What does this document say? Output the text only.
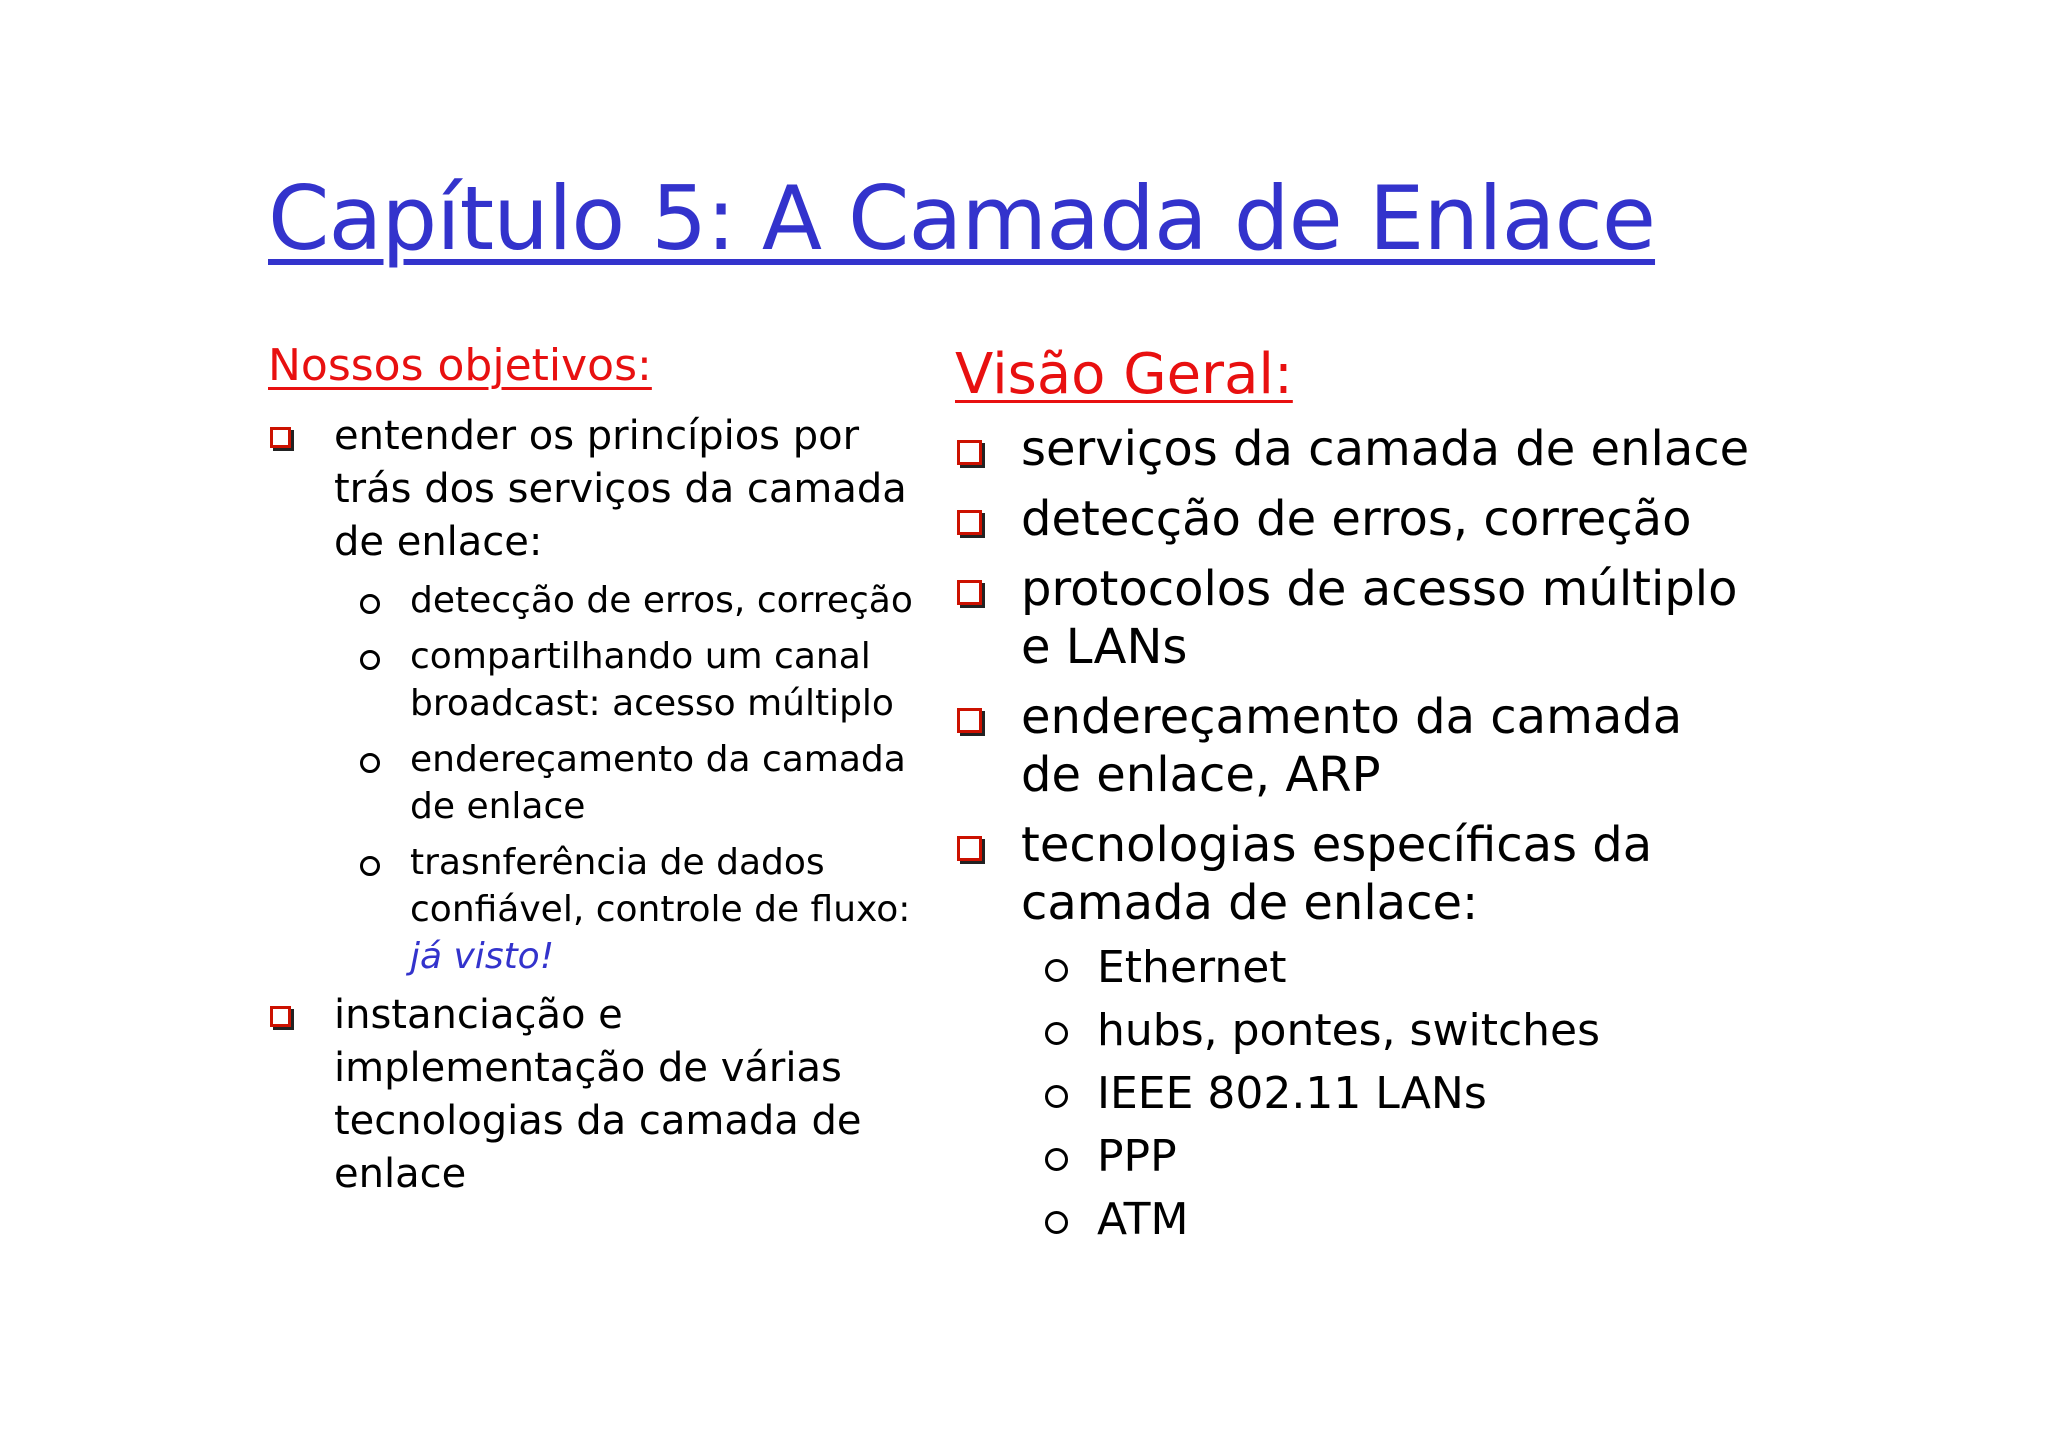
Capítulo 5: A Camada de Enlace
Nossos objetivos:
entender os princípios por trás dos serviços da camada de enlace:
detecção de erros, correção
compartilhando um canal broadcast: acesso múltiplo
endereçamento da camada de enlace
trasnferência de dados confiável, controle de fluxo:
já visto!
instanciação e implementação de várias tecnologias da camada de enlace
Visão Geral:
serviços da camada de enlace
detecção de erros, correção
protocolos de acesso múltiplo e LANs
endereçamento da camada de enlace, ARP
tecnologias específicas da camada de enlace:
Ethernet
hubs, pontes, switches
IEEE 802.11 LANs
PPP
ATM
